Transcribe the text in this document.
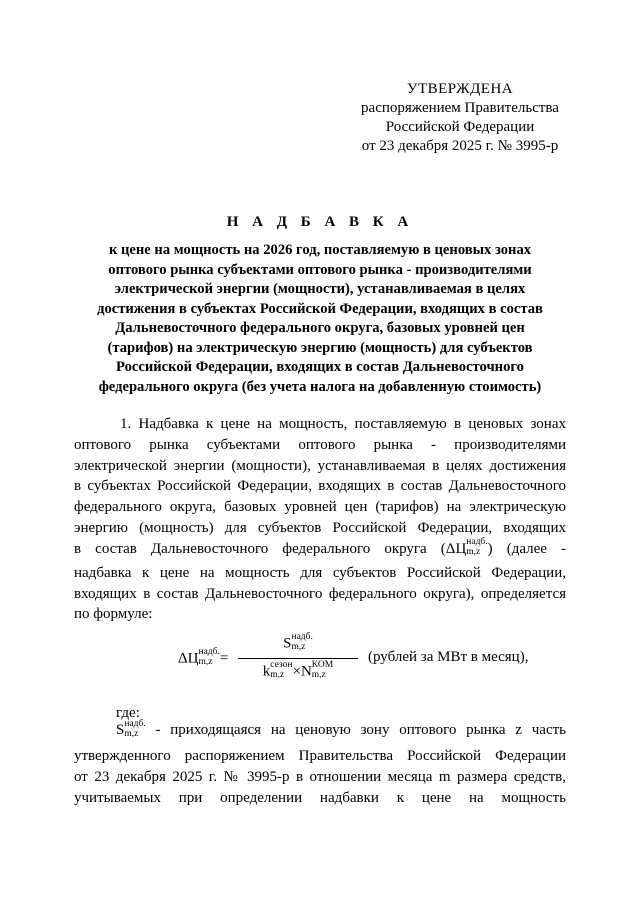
УТВЕРЖДЕНА
распоряжением Правительства
Российской Федерации
от 23 декабря 2025 г. № 3995-р
Н А Д Б А В К А
к цене на мощность на 2026 год, поставляемую в ценовых зонах
оптового рынка субъектами оптового рынка - производителями
электрической энергии (мощности), устанавливаемая в целях
достижения в субъектах Российской Федерации, входящих в состав
Дальневосточного федерального округа, базовых уровней цен
(тарифов) на электрическую энергию (мощность) для субъектов
Российской Федерации, входящих в состав Дальневосточного
федерального округа (без учета налога на добавленную стоимость)
1. Надбавка к цене на мощность, поставляемую в ценовых зонах
оптового рынка субъектами оптового рынка - производителями
электрической энергии (мощности), устанавливаемая в целях достижения
в субъектах Российской Федерации, входящих в состав Дальневосточного
федерального округа, базовых уровней цен (тарифов) на электрическую
энергию (мощность) для субъектов Российской Федерации, входящих
в состав Дальневосточного федерального округа (ΔЦ надб.
m,z ) (далее -
надбавка к цене на мощность для субъектов Российской Федерации,
входящих в состав Дальневосточного федерального округа), определяется
по формуле:
ΔЦ надб.
m,z =
S надб.
m,z
k сезон
m,z ×N КОМ
m,z
(рублей за МВт в месяц),
где:
S надб.
m,z	- приходящаяся на ценовую зону оптового рынка z часть
утвержденного распоряжением Правительства Российской Федерации
от 23 декабря 2025 г. № 3995-р в отношении месяца m размера средств,
учитываемых при определении надбавки к цене на мощность
